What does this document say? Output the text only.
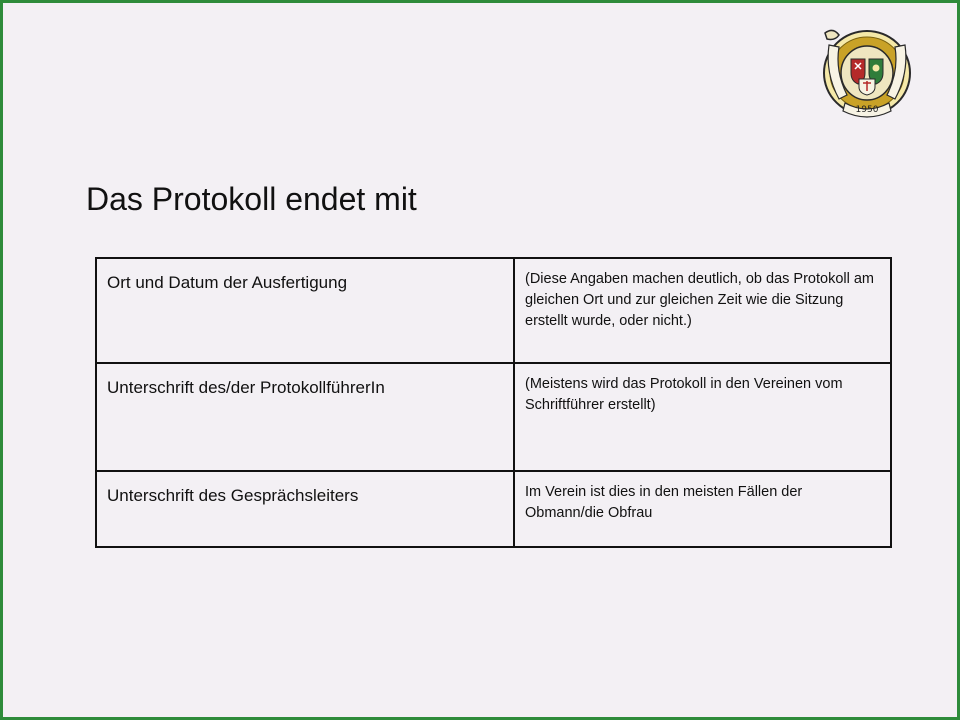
1950
Das Protokoll endet mit
Ort und Datum der Ausfertigung	(Diese Angaben machen deutlich, ob das Protokoll am gleichen Ort und zur gleichen Zeit wie die Sitzung erstellt wurde, oder nicht.)
Unterschrift des/der ProtokollführerIn	(Meistens wird das Protokoll in den Vereinen vom Schriftführer erstellt)
Unterschrift des Gesprächsleiters	Im Verein ist dies in den meisten Fällen der Obmann/die Obfrau
